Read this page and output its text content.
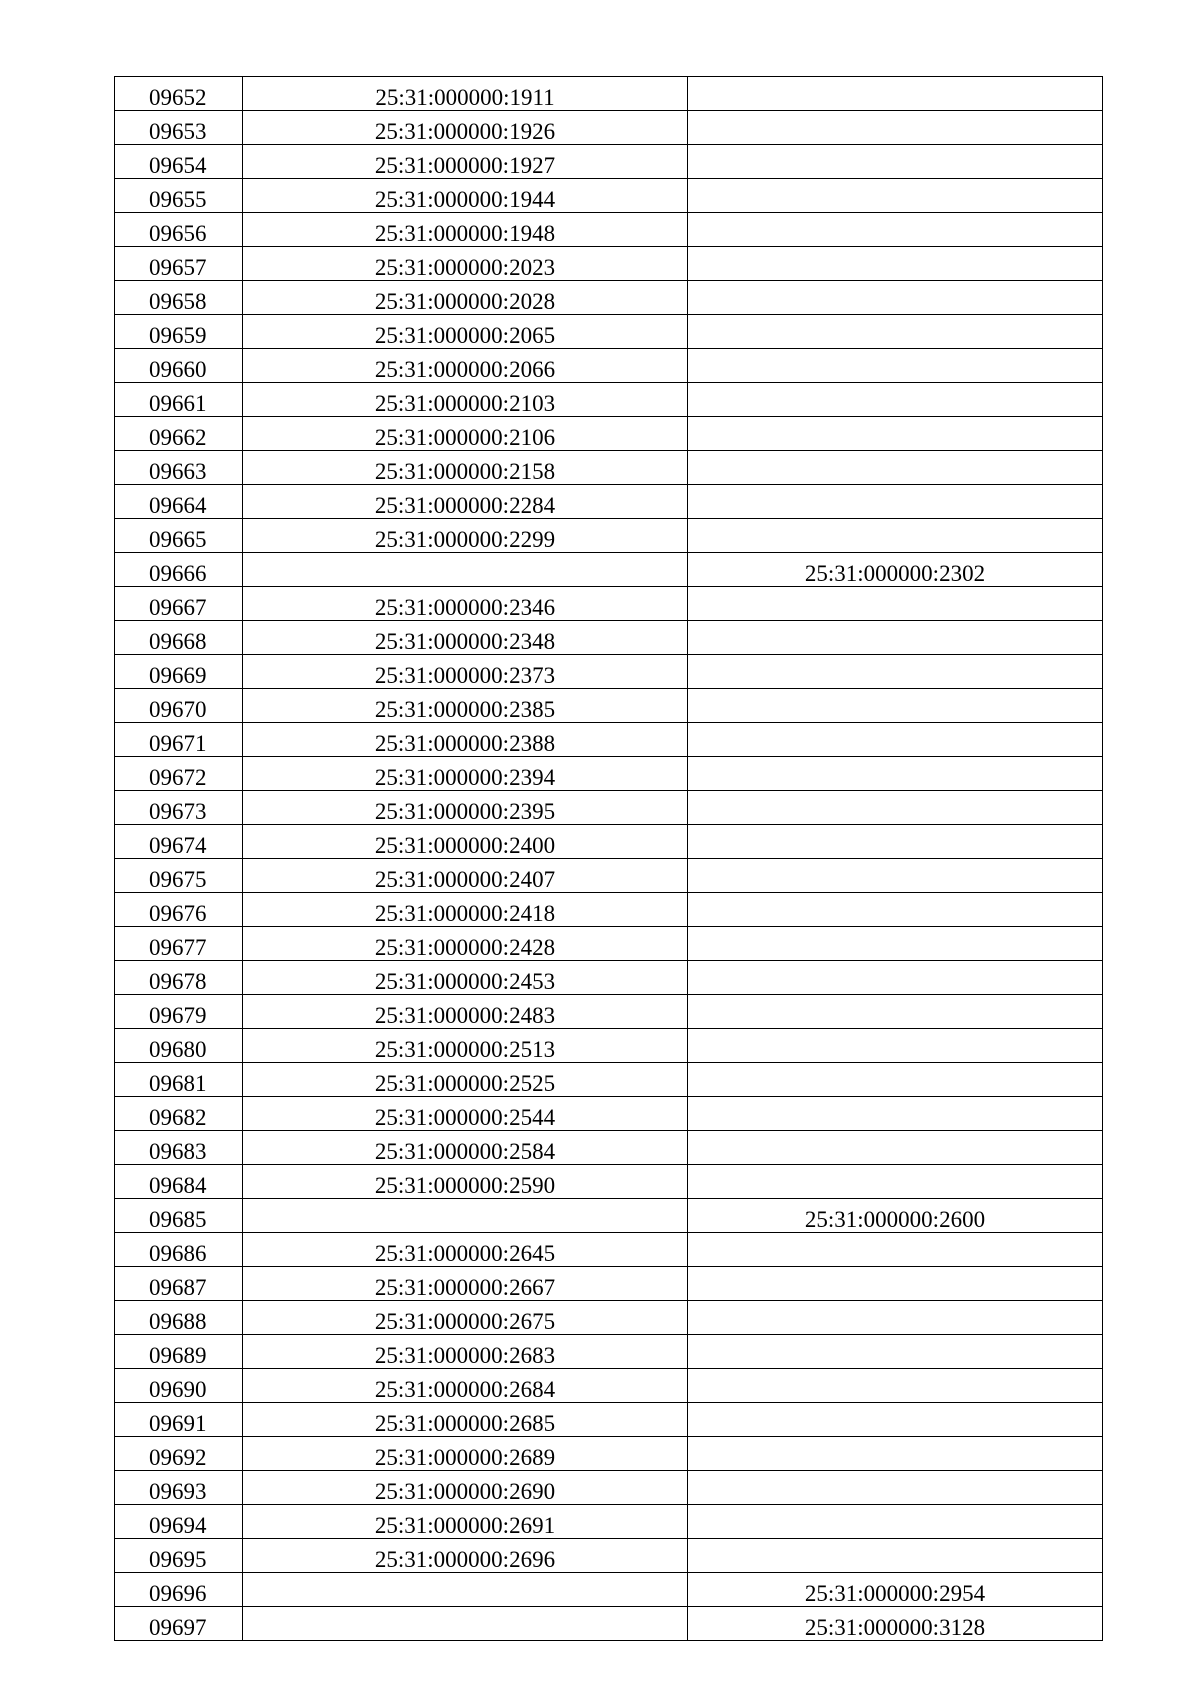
09652	25:31:000000:1911	

09653	25:31:000000:1926	

09654	25:31:000000:1927	

09655	25:31:000000:1944	

09656	25:31:000000:1948	

09657	25:31:000000:2023	

09658	25:31:000000:2028	

09659	25:31:000000:2065	

09660	25:31:000000:2066	

09661	25:31:000000:2103	

09662	25:31:000000:2106	

09663	25:31:000000:2158	

09664	25:31:000000:2284	

09665	25:31:000000:2299	

09666		25:31:000000:2302

09667	25:31:000000:2346	

09668	25:31:000000:2348	

09669	25:31:000000:2373	

09670	25:31:000000:2385	

09671	25:31:000000:2388	

09672	25:31:000000:2394	

09673	25:31:000000:2395	

09674	25:31:000000:2400	

09675	25:31:000000:2407	

09676	25:31:000000:2418	

09677	25:31:000000:2428	

09678	25:31:000000:2453	

09679	25:31:000000:2483	

09680	25:31:000000:2513	

09681	25:31:000000:2525	

09682	25:31:000000:2544	

09683	25:31:000000:2584	

09684	25:31:000000:2590	

09685		25:31:000000:2600

09686	25:31:000000:2645	

09687	25:31:000000:2667	

09688	25:31:000000:2675	

09689	25:31:000000:2683	

09690	25:31:000000:2684	

09691	25:31:000000:2685	

09692	25:31:000000:2689	

09693	25:31:000000:2690	

09694	25:31:000000:2691	

09695	25:31:000000:2696	

09696		25:31:000000:2954

09697		25:31:000000:3128
